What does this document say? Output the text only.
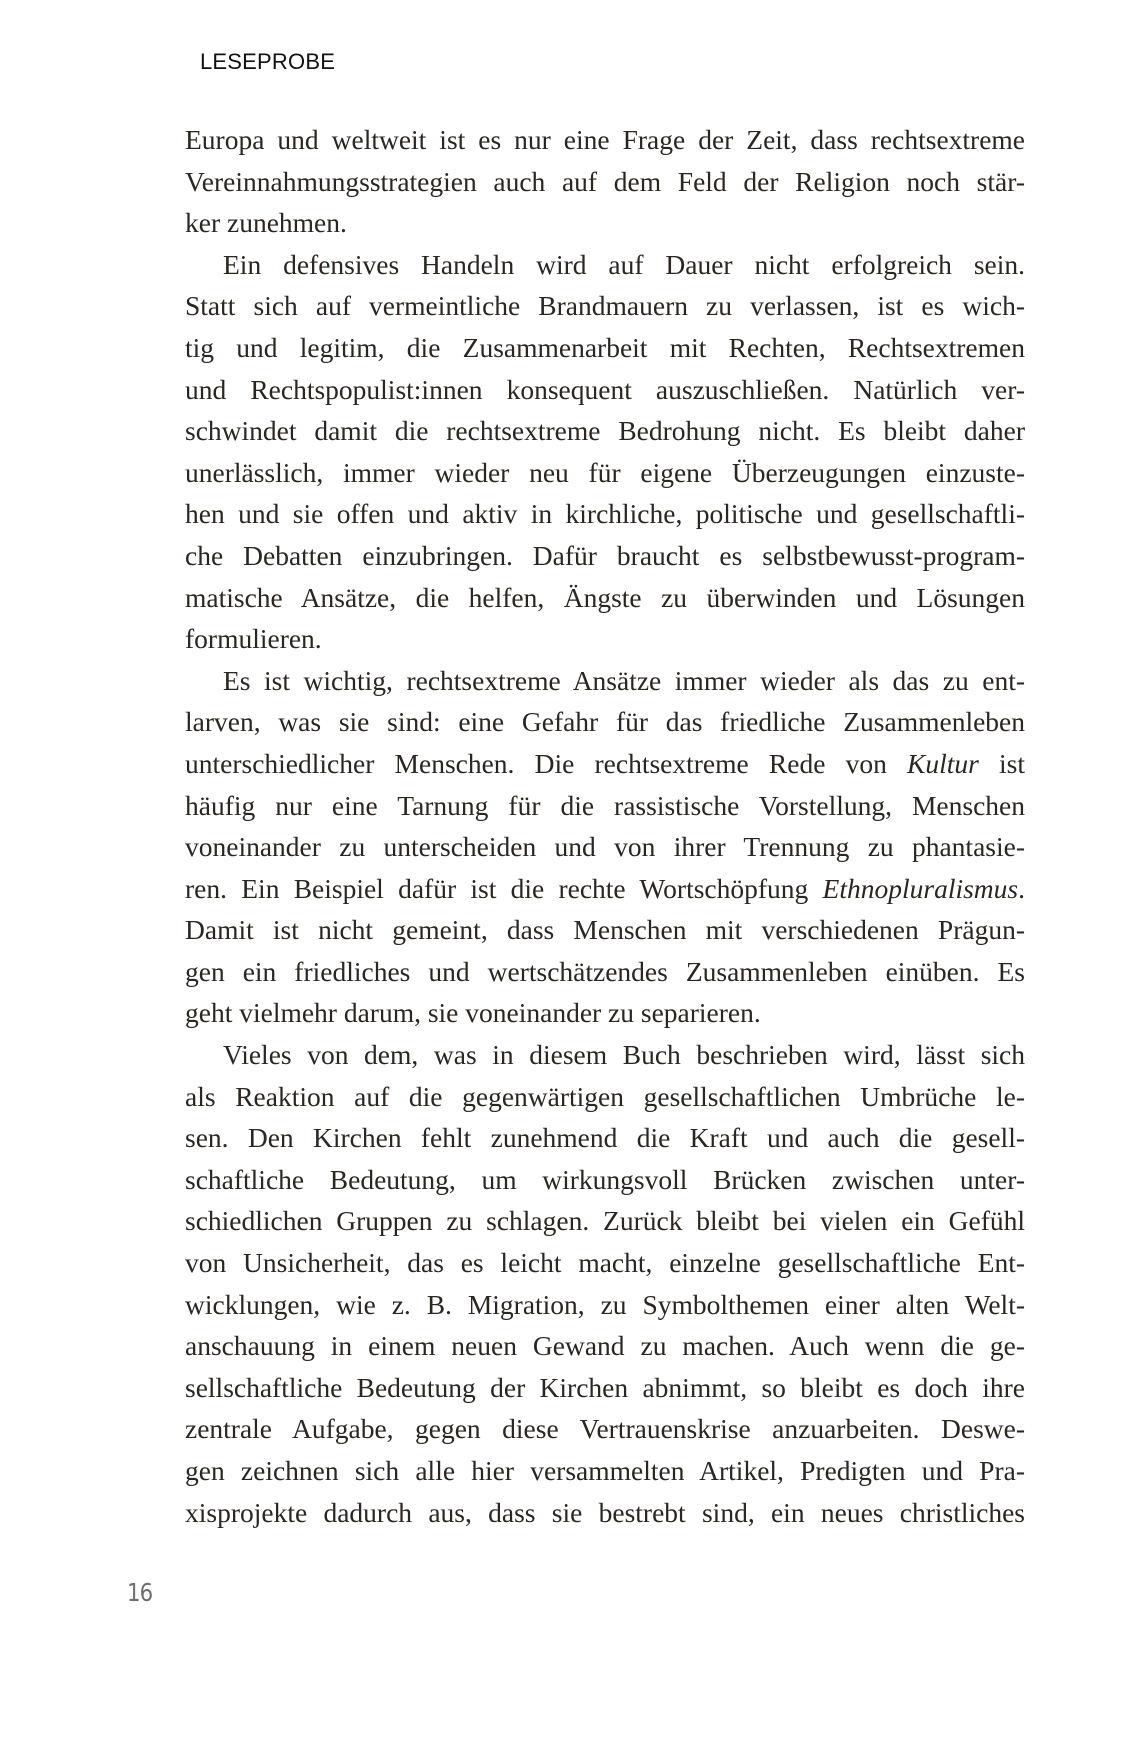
LESEPROBE
Europa und weltweit ist es nur eine Frage der Zeit, dass rechtsextreme
Vereinnahmungsstrategien auch auf dem Feld der Religion noch stär-
ker zunehmen.
Ein defensives Handeln wird auf Dauer nicht erfolgreich sein.
Statt sich auf vermeintliche Brandmauern zu verlassen, ist es wich-
tig und legitim, die Zusammenarbeit mit Rechten, Rechtsextremen
und Rechtspopulist:innen konsequent auszuschließen. Natürlich ver-
schwindet damit die rechtsextreme Bedrohung nicht. Es bleibt daher
unerlässlich, immer wieder neu für eigene Überzeugungen einzuste-
hen und sie offen und aktiv in kirchliche, politische und gesellschaftli-
che Debatten einzubringen. Dafür braucht es selbstbewusst-program-
matische Ansätze, die helfen, Ängste zu überwinden und Lösungen
formulieren.
Es ist wichtig, rechtsextreme Ansätze immer wieder als das zu ent-
larven, was sie sind: eine Gefahr für das friedliche Zusammenleben
unterschiedlicher Menschen. Die rechtsextreme Rede von Kultur ist
häufig nur eine Tarnung für die rassistische Vorstellung, Menschen
voneinander zu unterscheiden und von ihrer Trennung zu phantasie-
ren. Ein Beispiel dafür ist die rechte Wortschöpfung Ethnopluralismus.
Damit ist nicht gemeint, dass Menschen mit verschiedenen Prägun-
gen ein friedliches und wertschätzendes Zusammenleben einüben. Es
geht vielmehr darum, sie voneinander zu separieren.
Vieles von dem, was in diesem Buch beschrieben wird, lässt sich
als Reaktion auf die gegenwärtigen gesellschaftlichen Umbrüche le-
sen. Den Kirchen fehlt zunehmend die Kraft und auch die gesell-
schaftliche Bedeutung, um wirkungsvoll Brücken zwischen unter-
schiedlichen Gruppen zu schlagen. Zurück bleibt bei vielen ein Gefühl
von Unsicherheit, das es leicht macht, einzelne gesellschaftliche Ent-
wicklungen, wie z. B. Migration, zu Symbolthemen einer alten Welt-
anschauung in einem neuen Gewand zu machen. Auch wenn die ge-
sellschaftliche Bedeutung der Kirchen abnimmt, so bleibt es doch ihre
zentrale Aufgabe, gegen diese Vertrauenskrise anzuarbeiten. Deswe-
gen zeichnen sich alle hier versammelten Artikel, Predigten und Pra-
xisprojekte dadurch aus, dass sie bestrebt sind, ein neues christliches
16
